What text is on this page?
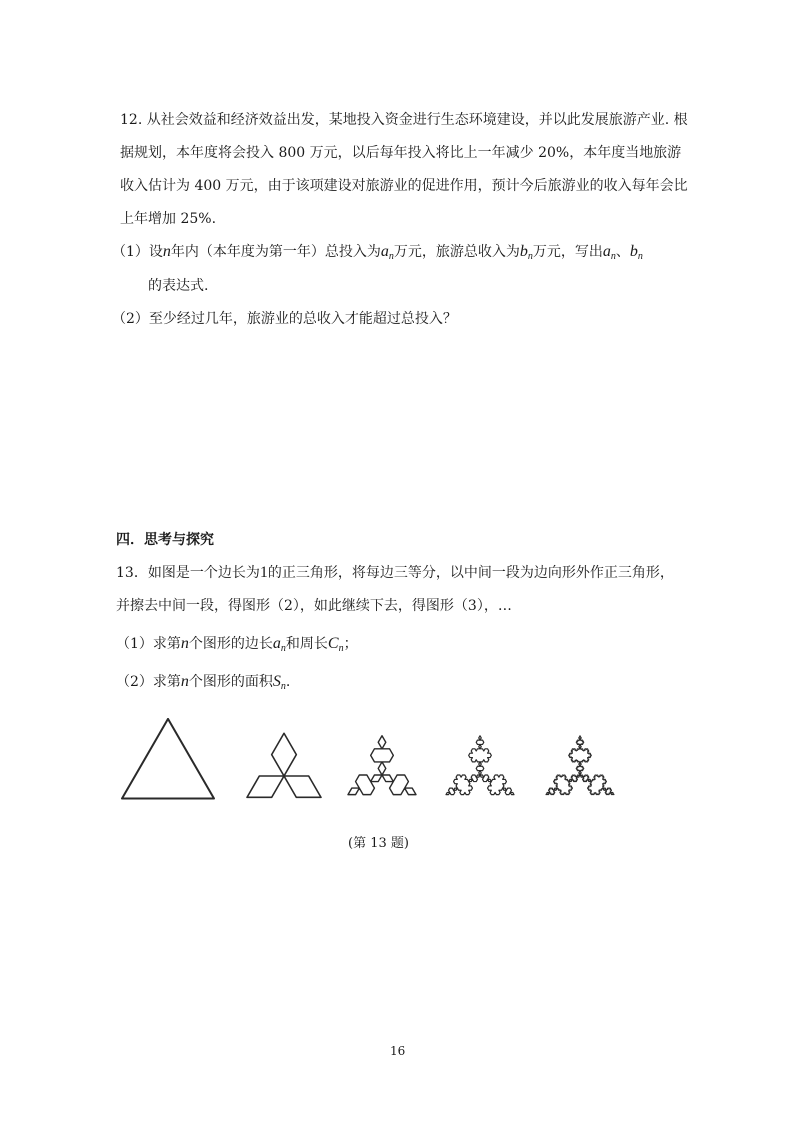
12. 从社会效益和经济效益出发，某地投入资金进行生态环境建设，并以此发展旅游产业. 根
据规划，本年度将会投入 800 万元，以后每年投入将比上一年减少 20%，本年度当地旅游
收入估计为 400 万元，由于该项建设对旅游业的促进作用，预计今后旅游业的收入每年会比
上年增加 25%.
（1）设n年内（本年度为第一年）总投入为$a_n$万元，旅游总收入为$b_n$万元，写出$a_n$、$b_n$
的表达式.
（2）至少经过几年，旅游业的总收入才能超过总投入？
四．思考与探究
13．如图是一个边长为1的正三角形，将每边三等分，以中间一段为边向形外作正三角形，
并擦去中间一段，得图形（2），如此继续下去，得图形（3），…
（1）求第n个图形的边长$a_n$和周长$C_n$；
（2）求第n个图形的面积$S_n$.
(第 13 题)
16
